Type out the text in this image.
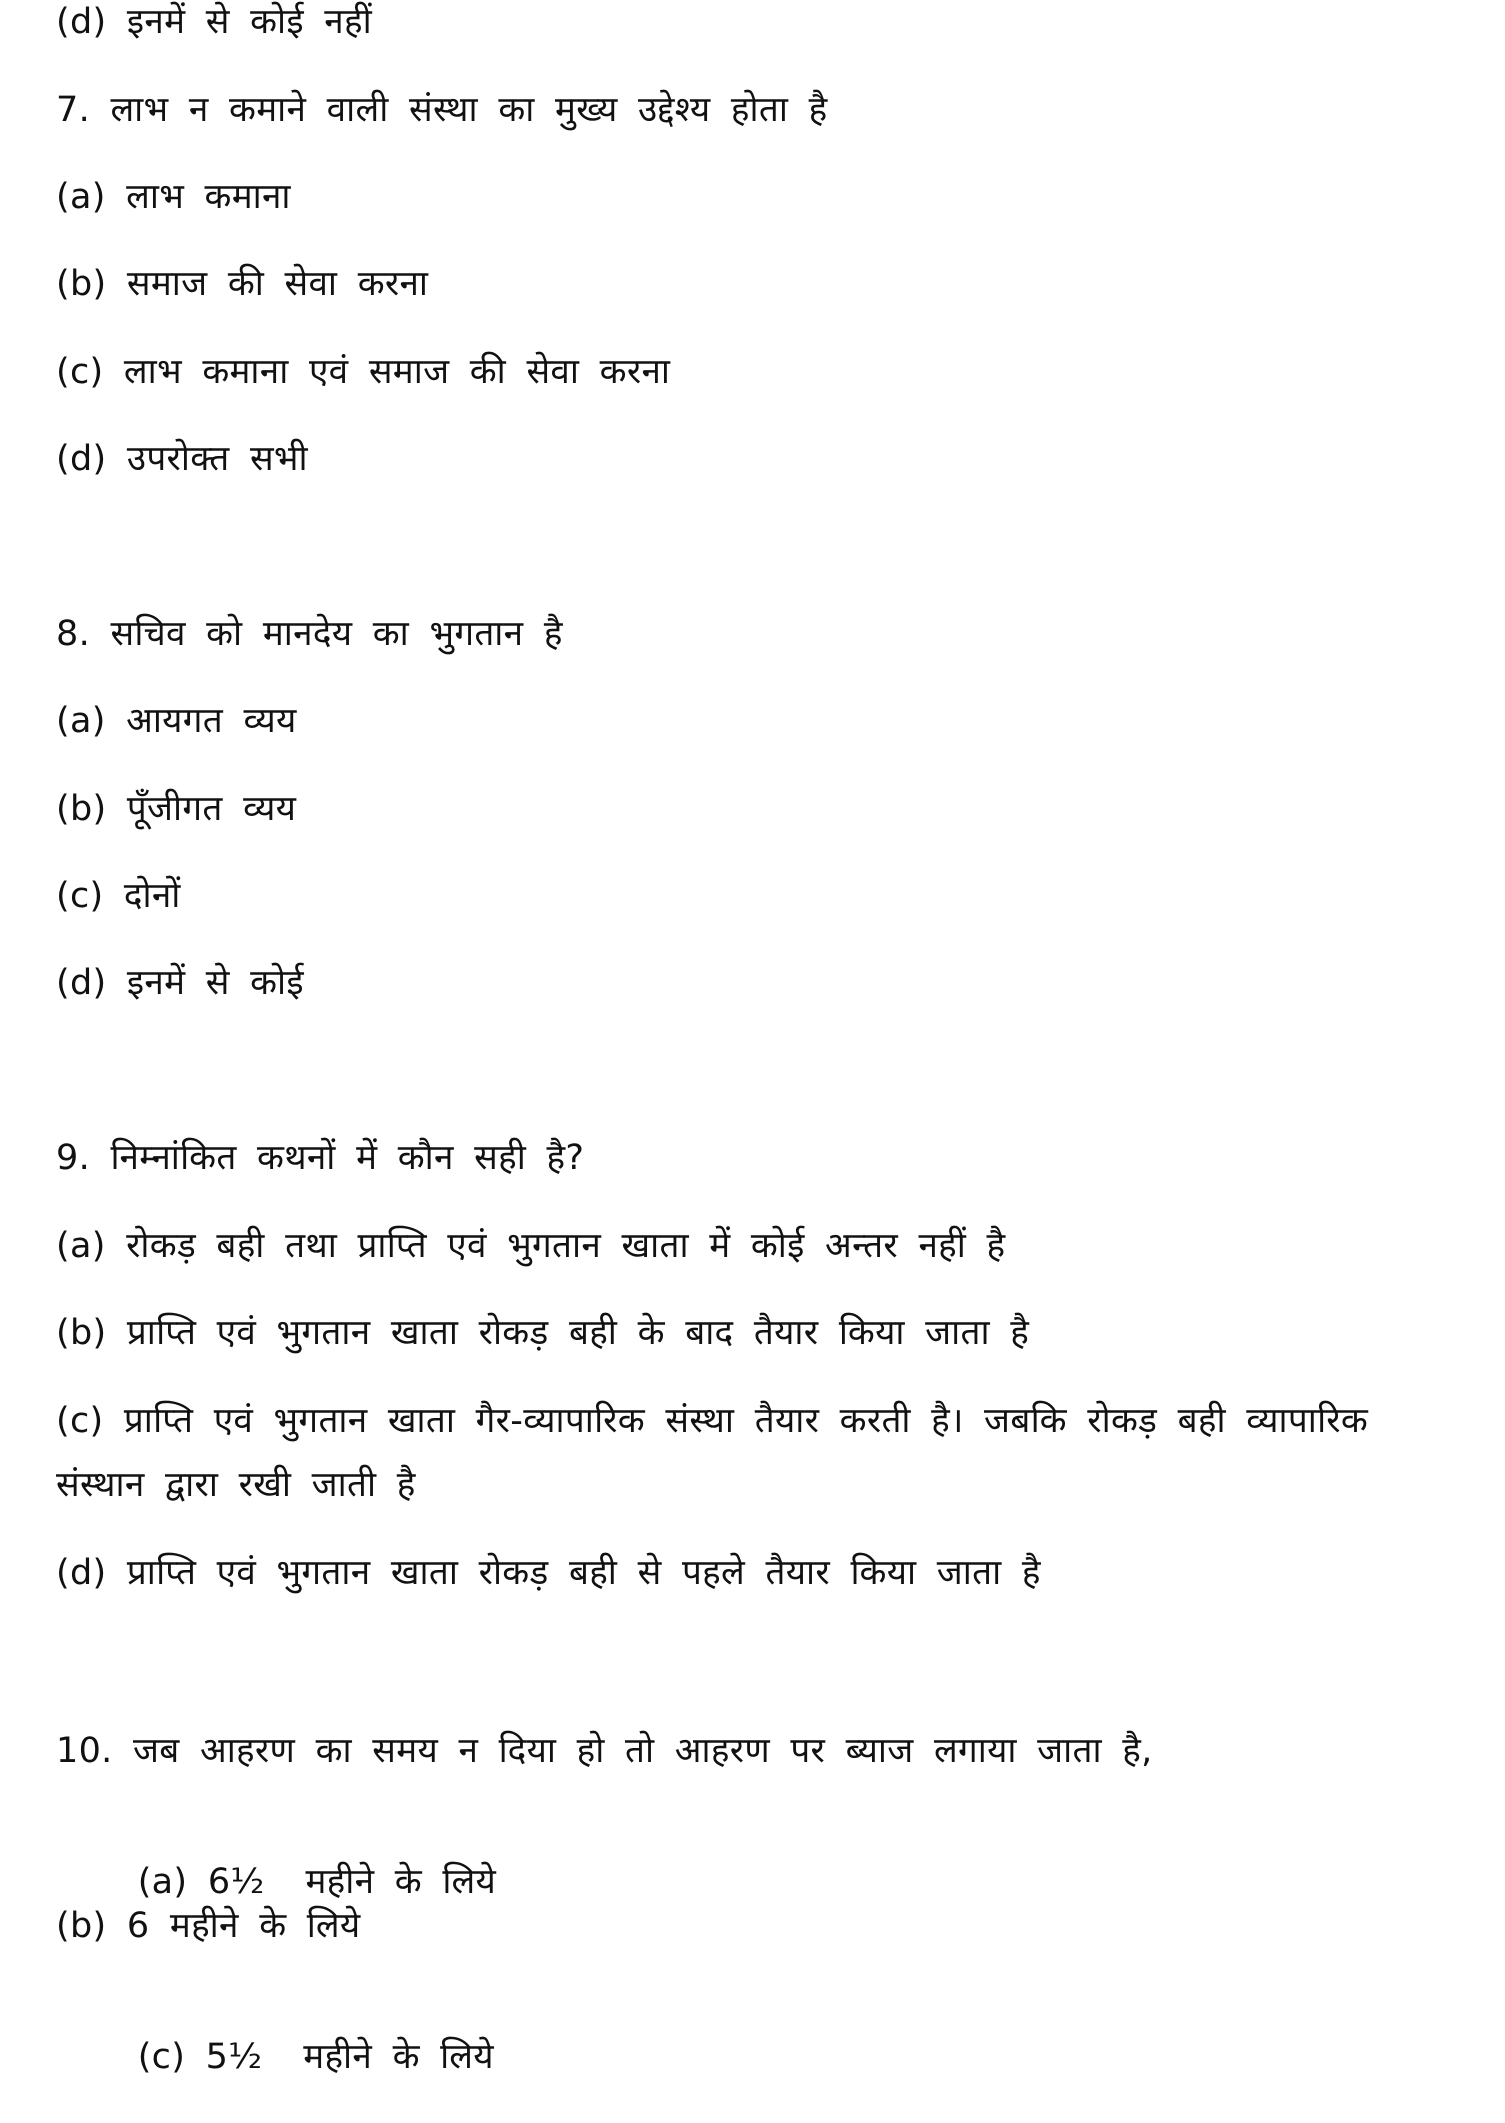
(d) इनमें से कोई नहीं
7. लाभ न कमाने वाली संस्था का मुख्य उद्देश्य होता है
(a) लाभ कमाना
(b) समाज की सेवा करना
(c) लाभ कमाना एवं समाज की सेवा करना
(d) उपरोक्त सभी
8. सचिव को मानदेय का भुगतान है
(a) आयगत व्यय
(b) पूँजीगत व्यय
(c) दोनों
(d) इनमें से कोई
9. निम्नांकित कथनों में कौन सही है?
(a) रोकड़ बही तथा प्राप्ति एवं भुगतान खाता में कोई अन्तर नहीं है
(b) प्राप्ति एवं भुगतान खाता रोकड़ बही के बाद तैयार किया जाता है
(c) प्राप्ति एवं भुगतान खाता गैर-व्यापारिक संस्था तैयार करती है। जबकि रोकड़ बही व्यापारिक संस्थान द्वारा रखी जाती है
(d) प्राप्ति एवं भुगतान खाता रोकड़ बही से पहले तैयार किया जाता है
10. जब आहरण का समय न दिया हो तो आहरण पर ब्याज लगाया जाता है,

(a) 6½  महीने के लिये

(b) 6 महीने के लिये

(c) 5½  महीने के लिये
